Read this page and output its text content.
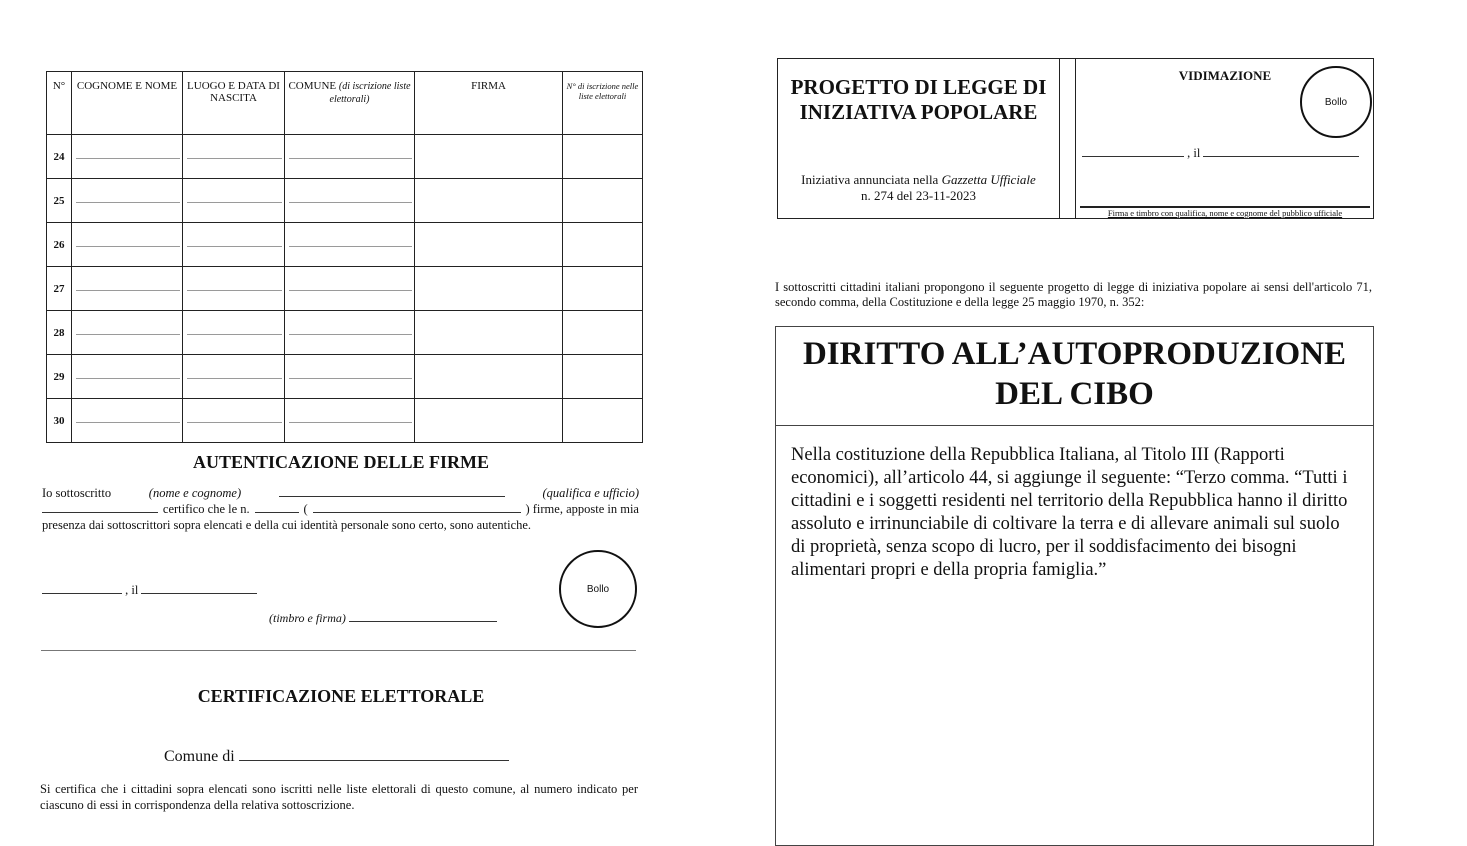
N°	COGNOME E NOME	LUOGO E DATA DI NASCITA	COMUNE (di iscrizione liste elettorali)	FIRMA	N° di iscrizione nelle liste elettorali
24					
25					
26					
27					
28					
29					
30					
AUTENTICAZIONE DELLE FIRME
Io sottoscritto	(nome e cognome)	(qualifica e ufficio)
certifico che le n.	(	) firme, apposte in mia
presenza dai sottoscrittori sopra elencati e della cui identità personale sono certo, sono autentiche.
, il	Bollo
(timbro e firma)
CERTIFICAZIONE ELETTORALE
Comune di
Si certifica che i cittadini sopra elencati sono iscritti nelle liste elettorali di questo comune, al numero indicato per ciascuno di essi in corrispondenza della relativa sottoscrizione.
PROGETTO DI LEGGE DI INIZIATIVA POPOLARE
Iniziativa annunciata nella Gazzetta Ufficiale
n. 274 del 23-11-2023
VIDIMAZIONE
Bollo
, il
Firma e timbro con qualifica, nome e cognome del pubblico ufficiale
I sottoscritti cittadini italiani propongono il seguente progetto di legge di iniziativa popolare ai sensi dell'articolo 71, secondo comma, della Costituzione e della legge 25 maggio 1970, n. 352:
DIRITTO ALL’AUTOPRODUZIONE DEL CIBO
Nella costituzione della Repubblica Italiana, al Titolo III (Rapporti economici), all’articolo 44, si aggiunge il seguente: “Terzo comma. “Tutti i cittadini e i soggetti residenti nel territorio della Repubblica hanno il diritto assoluto e irrinunciabile di coltivare la terra e di allevare animali sul suolo di proprietà, senza scopo di lucro, per il soddisfacimento dei bisogni alimentari propri e della propria famiglia.”
